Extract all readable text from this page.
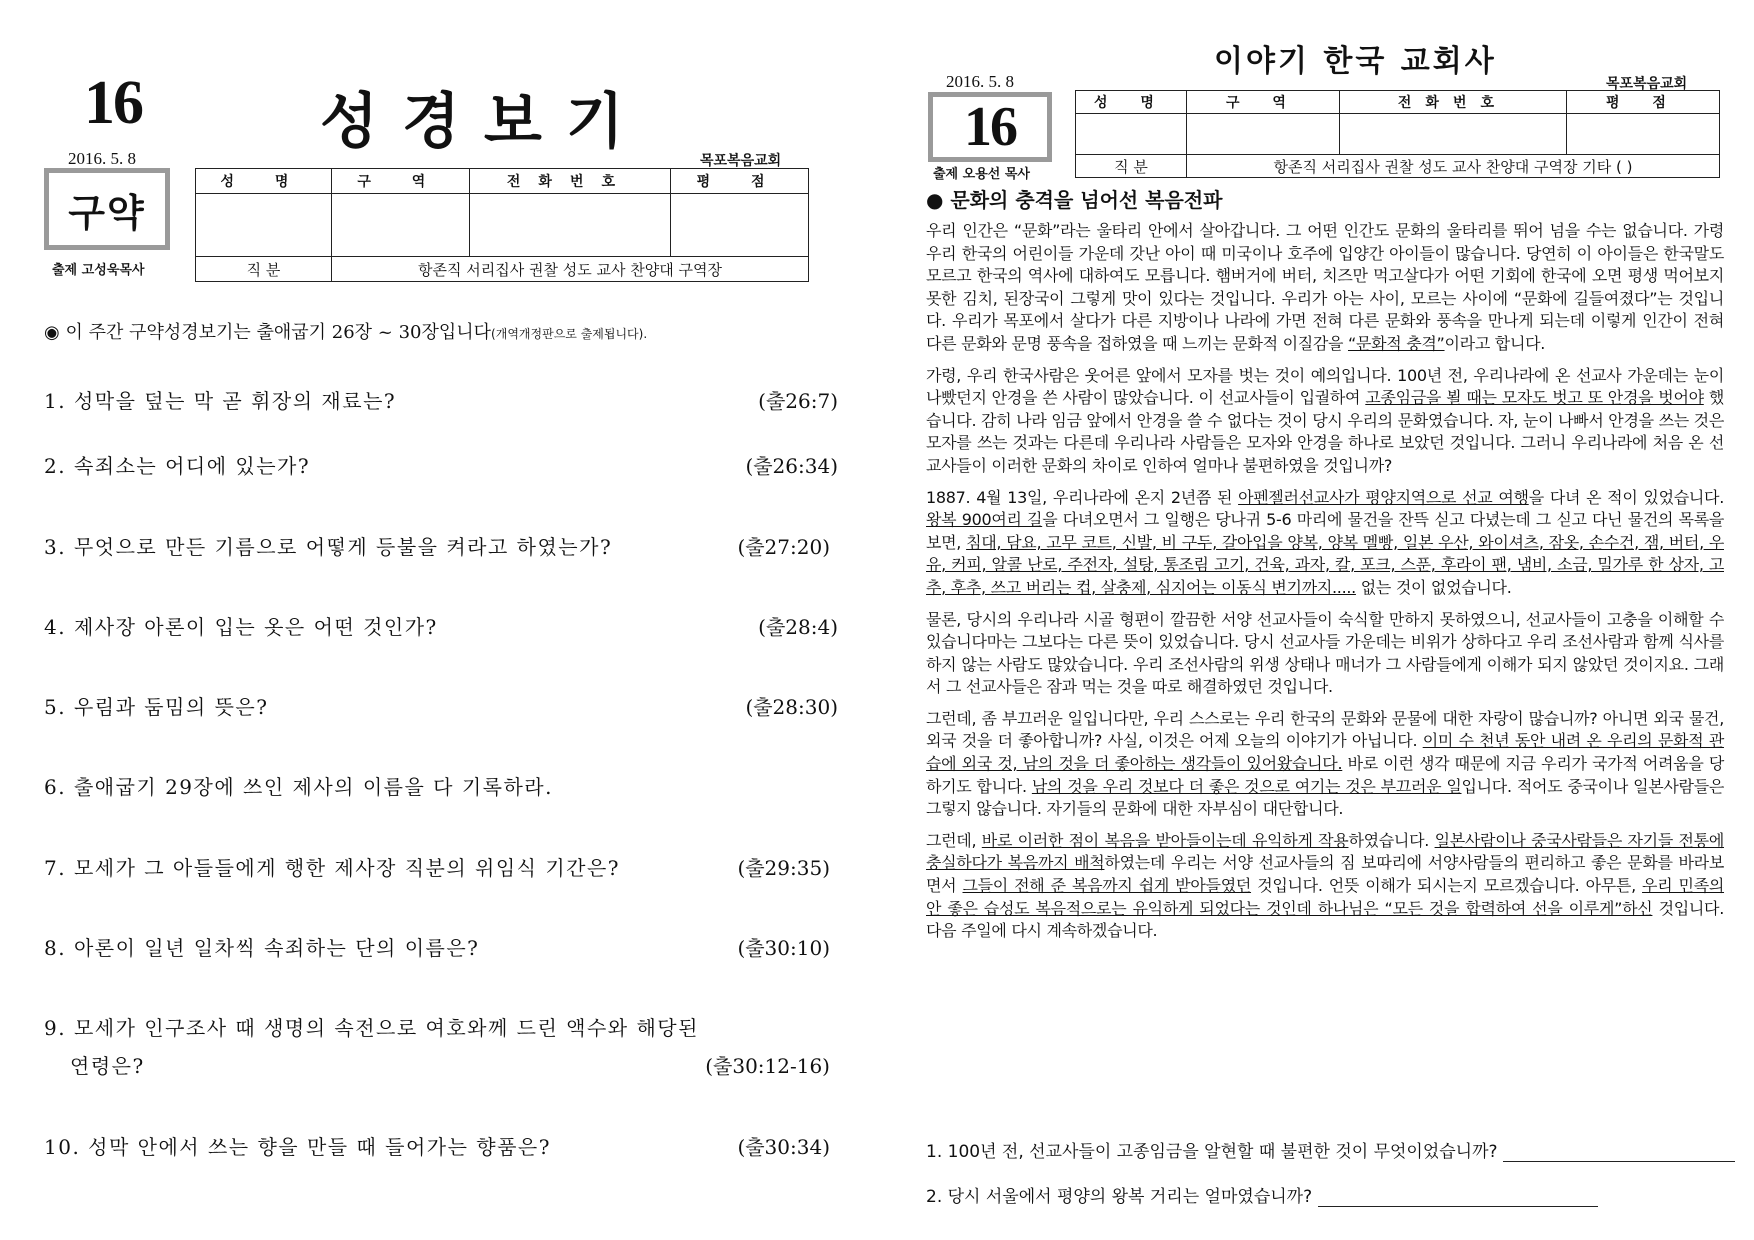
16	성경보기
2016. 5. 8	목포복음교회
구약
출제 고성욱목사
성 명	구 역	전화번호	평 점

직 분	항존직 서리집사 권찰 성도 교사 찬양대 구역장		
◉ 이 주간 구약성경보기는 출애굽기 26장 ~ 30장입니다(개역개정판으로 출제됩니다).
1. 성막을 덮는 막 곧 휘장의 재료는?	(출26:7)
2. 속죄소는 어디에 있는가?	(출26:34)
3. 무엇으로 만든 기름으로 어떻게 등불을 켜라고 하였는가?	(출27:20)
4. 제사장 아론이 입는 옷은 어떤 것인가?	(출28:4)
5. 우림과 둠밈의 뜻은?	(출28:30)
6. 출애굽기 29장에 쓰인 제사의 이름을 다 기록하라.
7. 모세가 그 아들들에게 행한 제사장 직분의 위임식 기간은?	(출29:35)
8. 아론이 일년 일차씩 속죄하는 단의 이름은?	(출30:10)
9. 모세가 인구조사 때 생명의 속전으로 여호와께 드린 액수와 해당된
연령은?	(출30:12-16)
10. 성막 안에서 쓰는 향을 만들 때 들어가는 향품은?	(출30:34)
이야기 한국 교회사
2016. 5. 8	목포복음교회
16
출제 오용선 목사
성 명	구 역	전화번호	평 점

직 분	항존직 서리집사 권찰 성도 교사 찬양대 구역장 기타 ( )		
● 문화의 충격을 넘어선 복음전파

우리 인간은 “문화”라는 울타리 안에서 살아갑니다. 그 어떤 인간도 문화의 울타리를 뛰어 넘을 수는 없습니다. 가령 우리 한국의 어린이들 가운데 갓난 아이 때 미국이나 호주에 입양간 아이들이 많습니다. 당연히 이 아이들은 한국말도 모르고 한국의 역사에 대하여도 모릅니다. 햄버거에 버터, 치즈만 먹고살다가 어떤 기회에 한국에 오면 평생 먹어보지 못한 김치, 된장국이 그렇게 맛이 있다는 것입니다. 우리가 아는 사이, 모르는 사이에 “문화에 길들여졌다”는 것입니다. 우리가 목포에서 살다가 다른 지방이나 나라에 가면 전혀 다른 문화와 풍속을 만나게 되는데 이렇게 인간이 전혀 다른 문화와 문명 풍속을 접하였을 때 느끼는 문화적 이질감을 “문화적 충격”이라고 합니다.

가령, 우리 한국사람은 웃어른 앞에서 모자를 벗는 것이 예의입니다. 100년 전, 우리나라에 온 선교사 가운데는 눈이 나빴던지 안경을 쓴 사람이 많았습니다. 이 선교사들이 입궐하여 고종임금을 뵐 때는 모자도 벗고 또 안경을 벗어야 했습니다. 감히 나라 임금 앞에서 안경을 쓸 수 없다는 것이 당시 우리의 문화였습니다. 자, 눈이 나빠서 안경을 쓰는 것은 모자를 쓰는 것과는 다른데 우리나라 사람들은 모자와 안경을 하나로 보았던 것입니다. 그러니 우리나라에 처음 온 선교사들이 이러한 문화의 차이로 인하여 얼마나 불편하였을 것입니까?

1887. 4월 13일, 우리나라에 온지 2년쯤 된 아펜젤러선교사가 평양지역으로 선교 여행을 다녀 온 적이 있었습니다. 왕복 900여리 길을 다녀오면서 그 일행은 당나귀 5-6 마리에 물건을 잔뜩 싣고 다녔는데 그 싣고 다닌 물건의 목록을 보면, 침대, 담요, 고무 코트, 신발, 비 구두, 갈아입을 양복, 양복 멜빵, 일본 우산, 와이셔츠, 잠옷, 손수건, 잼, 버터, 우유, 커피, 알콜 난로, 주전자, 설탕, 통조림 고기, 건육, 과자, 칼, 포크, 스푼, 후라이 팬, 냄비, 소금, 밀가루 한 상자, 고추, 후추, 쓰고 버리는 컵, 살충제, 심지어는 이동식 변기까지..... 없는 것이 없었습니다.

물론, 당시의 우리나라 시골 형편이 깔끔한 서양 선교사들이 숙식할 만하지 못하였으니, 선교사들이 고충을 이해할 수 있습니다마는 그보다는 다른 뜻이 있었습니다. 당시 선교사들 가운데는 비위가 상하다고 우리 조선사람과 함께 식사를 하지 않는 사람도 많았습니다. 우리 조선사람의 위생 상태나 매너가 그 사람들에게 이해가 되지 않았던 것이지요. 그래서 그 선교사들은 잠과 먹는 것을 따로 해결하였던 것입니다.

그런데, 좀 부끄러운 일입니다만, 우리 스스로는 우리 한국의 문화와 문물에 대한 자랑이 많습니까? 아니면 외국 물건, 외국 것을 더 좋아합니까? 사실, 이것은 어제 오늘의 이야기가 아닙니다. 이미 수 천년 동안 내려 온 우리의 문화적 관습에 외국 것, 남의 것을 더 좋아하는 생각들이 있어왔습니다. 바로 이런 생각 때문에 지금 우리가 국가적 어려움을 당하기도 합니다. 남의 것을 우리 것보다 더 좋은 것으로 여기는 것은 부끄러운 일입니다. 적어도 중국이나 일본사람들은 그렇지 않습니다. 자기들의 문화에 대한 자부심이 대단합니다.

그런데, 바로 이러한 점이 복음을 받아들이는데 유익하게 작용하였습니다. 일본사람이나 중국사람들은 자기들 전통에 충실하다가 복음까지 배척하였는데 우리는 서양 선교사들의 짐 보따리에 서양사람들의 편리하고 좋은 문화를 바라보면서 그들이 전해 준 복음까지 쉽게 받아들였던 것입니다. 언뜻 이해가 되시는지 모르겠습니다. 아무튼, 우리 민족의 안 좋은 습성도 복음적으로는 유익하게 되었다는 것인데 하나님은 “모든 것을 합력하여 선을 이루게”하신 것입니다. 다음 주일에 다시 계속하겠습니다.

1. 100년 전, 선교사들이 고종임금을 알현할 때 불편한 것이 무엇이었습니까?
2. 당시 서울에서 평양의 왕복 거리는 얼마였습니까?
